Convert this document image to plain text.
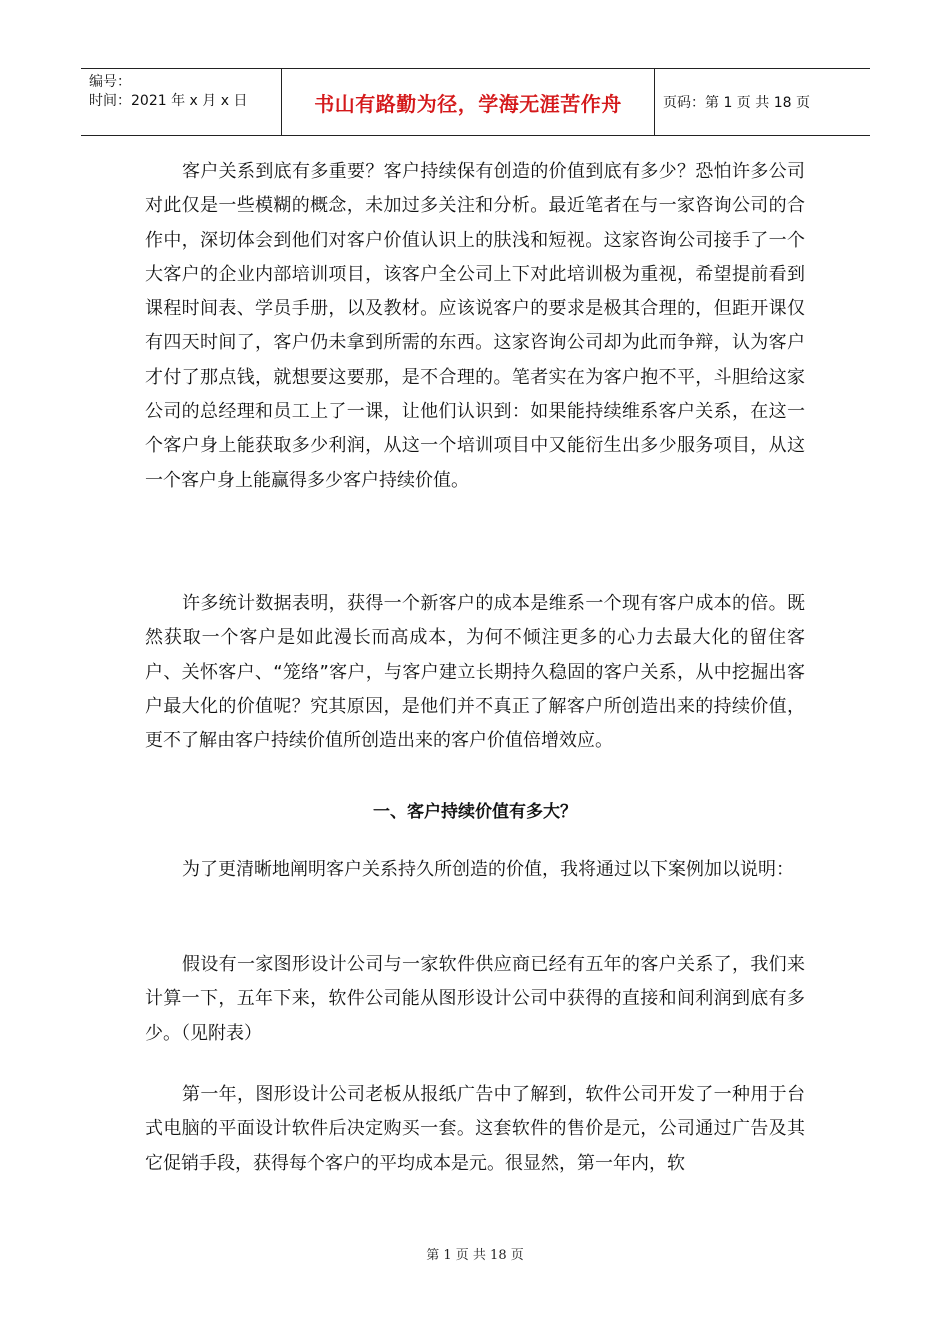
编号：
时间：2021 年 x 月 x 日	书山有路勤为径，学海无涯苦作舟	页码：第 1 页 共 18 页

客户关系到底有多重要？客户持续保有创造的价值到底有多少？恐怕许多公司对此仅是一些模糊的概念，未加过多关注和分析。最近笔者在与一家咨询公司的合作中，深切体会到他们对客户价值认识上的肤浅和短视。这家咨询公司接手了一个大客户的企业内部培训项目，该客户全公司上下对此培训极为重视，希望提前看到课程时间表、学员手册，以及教材。应该说客户的要求是极其合理的，但距开课仅有四天时间了，客户仍未拿到所需的东西。这家咨询公司却为此而争辩，认为客户才付了那点钱，就想要这要那，是不合理的。笔者实在为客户抱不平，斗胆给这家公司的总经理和员工上了一课，让他们认识到：如果能持续维系客户关系，在这一个客户身上能获取多少利润，从这一个培训项目中又能衍生出多少服务项目，从这一个客户身上能赢得多少客户持续价值。

许多统计数据表明，获得一个新客户的成本是维系一个现有客户成本的倍。既然获取一个客户是如此漫长而高成本，为何不倾注更多的心力去最大化的留住客户、关怀客户、“笼络”客户，与客户建立长期持久稳固的客户关系，从中挖掘出客户最大化的价值呢？究其原因，是他们并不真正了解客户所创造出来的持续价值，更不了解由客户持续价值所创造出来的客户价值倍增效应。

一、客户持续价值有多大？

为了更清晰地阐明客户关系持久所创造的价值，我将通过以下案例加以说明：

假设有一家图形设计公司与一家软件供应商已经有五年的客户关系了，我们来计算一下，五年下来，软件公司能从图形设计公司中获得的直接和间利润到底有多少。（见附表）

第一年，图形设计公司老板从报纸广告中了解到，软件公司开发了一种用于台式电脑的平面设计软件后决定购买一套。这套软件的售价是元，公司通过广告及其它促销手段，获得每个客户的平均成本是元。很显然，第一年内，软

第 1 页 共 18 页
